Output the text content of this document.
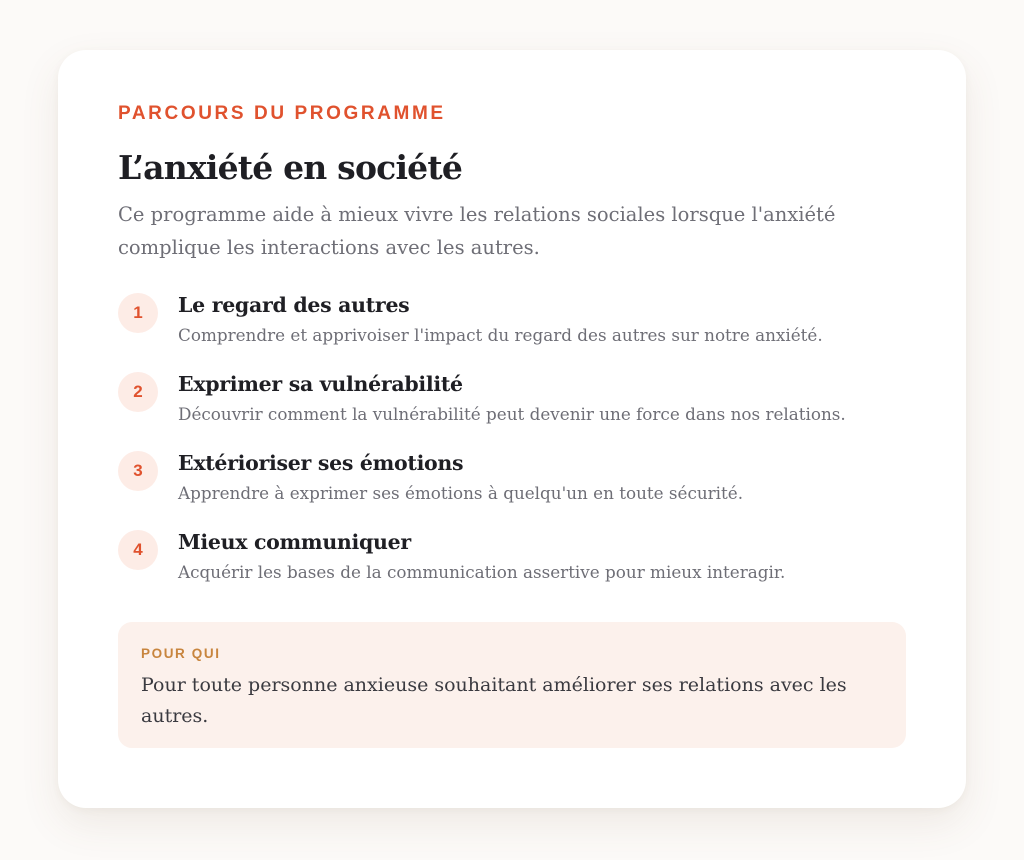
PARCOURS DU PROGRAMME
L’anxiété en société

Ce programme aide à mieux vivre les relations sociales lorsque l'anxiété complique les interactions avec les autres.

1	Le regard des autres
Comprendre et apprivoiser l'impact du regard des autres sur notre anxiété.
2	Exprimer sa vulnérabilité
Découvrir comment la vulnérabilité peut devenir une force dans nos relations.
3	Extérioriser ses émotions
Apprendre à exprimer ses émotions à quelqu'un en toute sécurité.
4	Mieux communiquer
Acquérir les bases de la communication assertive pour mieux interagir.
POUR QUI

Pour toute personne anxieuse souhaitant améliorer ses relations avec les autres.
